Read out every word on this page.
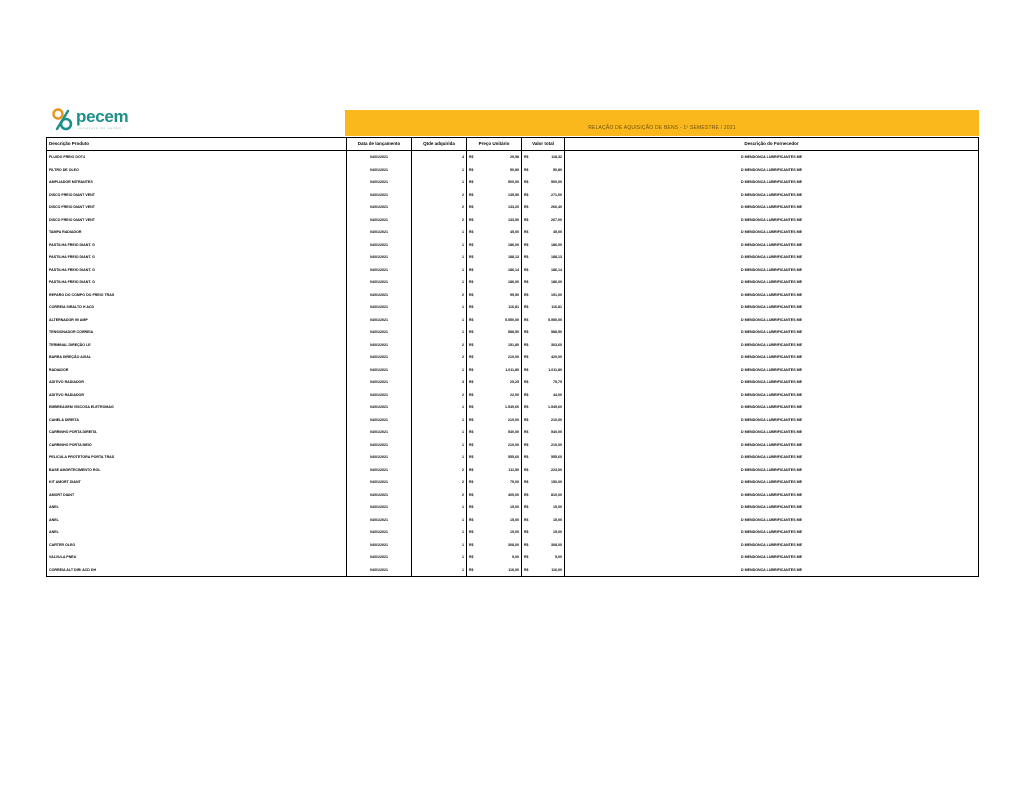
pecem
complexo do pecém	RELAÇÃO DE AQUISIÇÃO DE BENS - 1º SEMESTRE / 2021
Descrição Produto	Data de lançamento	Qtde adquirida	Preço Unitário	Valor total	Descrição do Fornecedor
FLUIDO FREIO DOT4	04/01/2021	4	R$ 29,58	R$ 118,32	D MENDONCA LUBRIFICANTES ME
FILTRO DE OLEO	04/01/2021	1	R$ 50,80	R$ 50,80	D MENDONCA LUBRIFICANTES ME
AMPLIADOR MITRANTES	04/01/2021	1	R$ 500,00	R$ 500,00	D MENDONCA LUBRIFICANTES ME
DISCO FREIO DIANT VENT	04/01/2021	2	R$ 135,50	R$ 271,00	D MENDONCA LUBRIFICANTES ME
DISCO FREIO DIANT VENT	04/01/2021	2	R$ 133,20	R$ 266,40	D MENDONCA LUBRIFICANTES ME
DISCO FREIO DIANT VENT	04/01/2021	2	R$ 133,50	R$ 267,00	D MENDONCA LUBRIFICANTES ME
TAMPA RADIADOR	04/01/2021	1	R$ 45,00	R$ 45,00	D MENDONCA LUBRIFICANTES ME
PASTILHA FREIO DIANT. G	04/01/2021	1	R$ 186,00	R$ 186,00	D MENDONCA LUBRIFICANTES ME
PASTILHA FREIO DIANT. G	04/01/2021	1	R$ 188,13	R$ 188,13	D MENDONCA LUBRIFICANTES ME
PASTILHA FREIO DIANT. G	04/01/2021	1	R$ 186,14	R$ 186,14	D MENDONCA LUBRIFICANTES ME
PASTILHA FREIO DIANT. G	04/01/2021	1	R$ 186,00	R$ 186,00	D MENDONCA LUBRIFICANTES ME
REPARO DO COMPO DO FREIO TRAS	04/01/2021	2	R$ 95,50	R$ 191,00	D MENDONCA LUBRIFICANTES ME
CORREIA SIRALTO H ACD	04/01/2021	1	R$ 116,81	R$ 116,81	D MENDONCA LUBRIFICANTES ME
ALTERNADOR 90 AMP	04/01/2021	1	R$ 5.550,00	R$ 5.550,00	D MENDONCA LUBRIFICANTES ME
TENSIONADOR CORREIA	04/01/2021	1	R$ 588,50	R$ 588,50	D MENDONCA LUBRIFICANTES ME
TERMINAL DIREÇÃO LE	04/01/2021	2	R$ 151,80	R$ 303,60	D MENDONCA LUBRIFICANTES ME
BARRA DIREÇÃO AXIAL	04/01/2021	2	R$ 210,00	R$ 420,00	D MENDONCA LUBRIFICANTES ME
RADIADOR	04/01/2021	1	R$ 1.011,80	R$ 1.011,80	D MENDONCA LUBRIFICANTES ME
ADITIVO RADIADOR	04/01/2021	3	R$ 25,25	R$ 75,75	D MENDONCA LUBRIFICANTES ME
ADITIVO RADIADOR	04/01/2021	2	R$ 22,00	R$ 44,00	D MENDONCA LUBRIFICANTES ME
EMBREAGEM VISCOSA ELETROMAG	04/01/2021	1	R$ 1.549,60	R$ 1.549,60	D MENDONCA LUBRIFICANTES ME
CANELA DIREITA	04/01/2021	1	R$ 210,00	R$ 210,00	D MENDONCA LUBRIFICANTES ME
CARRINHO PORTA DIREITA	04/01/2021	1	R$ 540,00	R$ 540,00	D MENDONCA LUBRIFICANTES ME
CARRINHO PORTA MEIO	04/01/2021	1	R$ 210,00	R$ 210,00	D MENDONCA LUBRIFICANTES ME
PELICULA PROTETORA PORTA TRAS	04/01/2021	1	R$ 555,60	R$ 555,60	D MENDONCA LUBRIFICANTES ME
BASE AMORTECIMENTO ROL	04/01/2021	2	R$ 111,50	R$ 223,00	D MENDONCA LUBRIFICANTES ME
KIT AMORT DIANT	04/01/2021	2	R$ 75,00	R$ 150,00	D MENDONCA LUBRIFICANTES ME
AMORT DIANT	04/01/2021	2	R$ 405,00	R$ 810,00	D MENDONCA LUBRIFICANTES ME
ANEL	04/01/2021	1	R$ 15,00	R$ 15,00	D MENDONCA LUBRIFICANTES ME
ANEL	04/01/2021	1	R$ 15,00	R$ 15,00	D MENDONCA LUBRIFICANTES ME
ANEL	04/01/2021	1	R$ 15,00	R$ 15,00	D MENDONCA LUBRIFICANTES ME
CARTER OLEO	04/01/2021	1	R$ 308,00	R$ 308,00	D MENDONCA LUBRIFICANTES ME
VALVULA PNEU	04/01/2021	1	R$ 5,00	R$ 5,00	D MENDONCA LUBRIFICANTES ME
CORREIA ALT DIR/ ACD DH	04/01/2021	1	R$ 116,00	R$ 116,00	D MENDONCA LUBRIFICANTES ME
